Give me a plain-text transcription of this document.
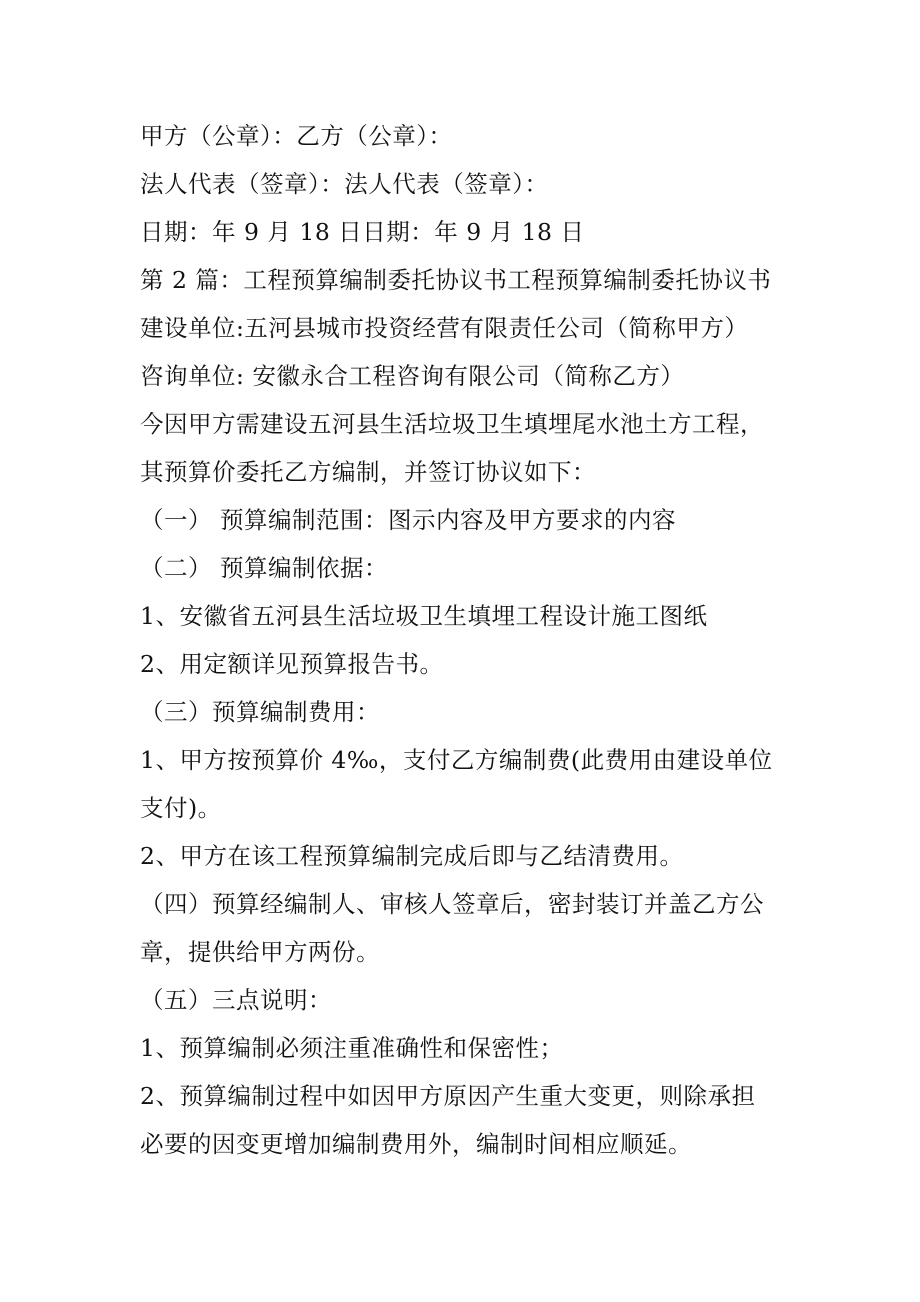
甲方（公章）：乙方（公章）：
法人代表（签章）：法人代表（签章）：
日期：年 9 月 18 日日期：年 9 月 18 日
第 2 篇：工程预算编制委托协议书工程预算编制委托协议书
建设单位:五河县城市投资经营有限责任公司（简称甲方）
咨询单位: 安徽永合工程咨询有限公司（简称乙方）
今因甲方需建设五河县生活垃圾卫生填埋尾水池土方工程，
其预算价委托乙方编制，并签订协议如下：
（一） 预算编制范围：图示内容及甲方要求的内容
（二） 预算编制依据：
1、安徽省五河县生活垃圾卫生填埋工程设计施工图纸
2、用定额详见预算报告书。
（三）预算编制费用：
1、甲方按预算价 4‰，支付乙方编制费(此费用由建设单位
支付)。
2、甲方在该工程预算编制完成后即与乙结清费用。
（四）预算经编制人、审核人签章后，密封装订并盖乙方公
章，提供给甲方两份。
（五）三点说明：
1、预算编制必须注重准确性和保密性；
2、预算编制过程中如因甲方原因产生重大变更，则除承担
必要的因变更增加编制费用外，编制时间相应顺延。
